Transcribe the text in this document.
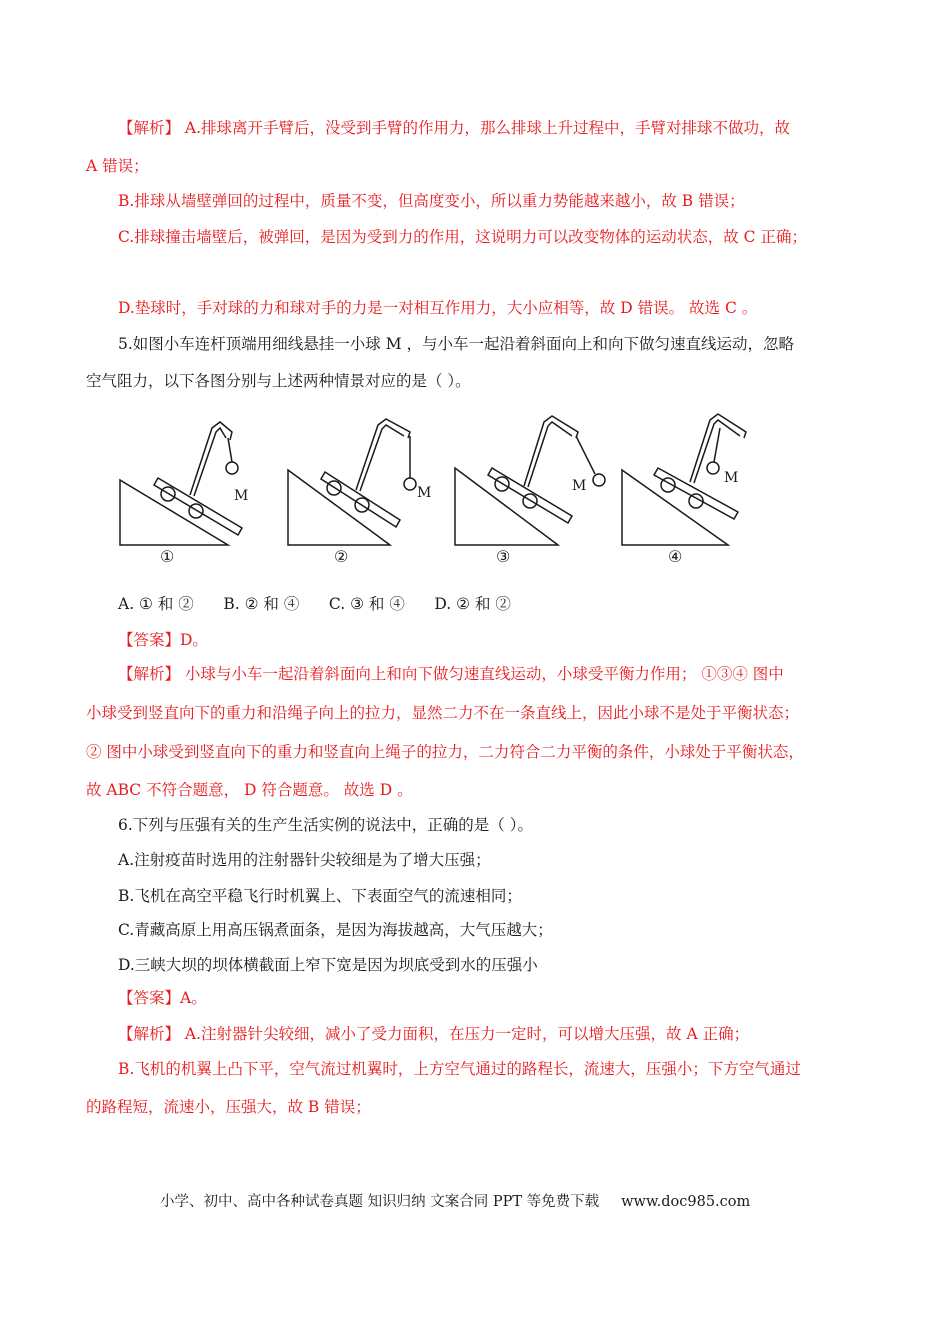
【解析】 A.排球离开手臂后，没受到手臂的作用力，那么排球上升过程中，手臂对排球不做功，故
A 错误；
B.排球从墙壁弹回的过程中，质量不变，但高度变小，所以重力势能越来越小，故 B 错误；
C.排球撞击墙壁后，被弹回，是因为受到力的作用，这说明力可以改变物体的运动状态，故 C 正确；
D.垫球时，手对球的力和球对手的力是一对相互作用力，大小应相等，故 D 错误。 故选 C 。
5.如图小车连杆顶端用细线悬挂一小球 M ，与小车一起沿着斜面向上和向下做匀速直线运动，忽略
空气阻力，以下各图分别与上述两种情景对应的是（ ）。
M	M	M	M
①	②	③	④
A. ① 和 ②      B. ② 和 ④      C. ③ 和 ④      D. ② 和 ②
【答案】D。
【解析】 小球与小车一起沿着斜面向上和向下做匀速直线运动，小球受平衡力作用； ①③④ 图中
小球受到竖直向下的重力和沿绳子向上的拉力，显然二力不在一条直线上，因此小球不是处于平衡状态；
② 图中小球受到竖直向下的重力和竖直向上绳子的拉力，二力符合二力平衡的条件，小球处于平衡状态，
故 ABC 不符合题意， D 符合题意。 故选 D 。
6.下列与压强有关的生产生活实例的说法中，正确的是（ ）。
A.注射疫苗时选用的注射器针尖较细是为了增大压强；
B.飞机在高空平稳飞行时机翼上、下表面空气的流速相同；
C.青藏高原上用高压锅煮面条，是因为海拔越高，大气压越大；
D.三峡大坝的坝体横截面上窄下宽是因为坝底受到水的压强小
【答案】A。
【解析】 A.注射器针尖较细，减小了受力面积，在压力一定时，可以增大压强，故 A 正确；
B.飞机的机翼上凸下平，空气流过机翼时，上方空气通过的路程长，流速大，压强小；下方空气通过
的路程短，流速小，压强大，故 B 错误；
小学、初中、高中各种试卷真题 知识归纳 文案合同 PPT 等免费下载 www.doc985.com
